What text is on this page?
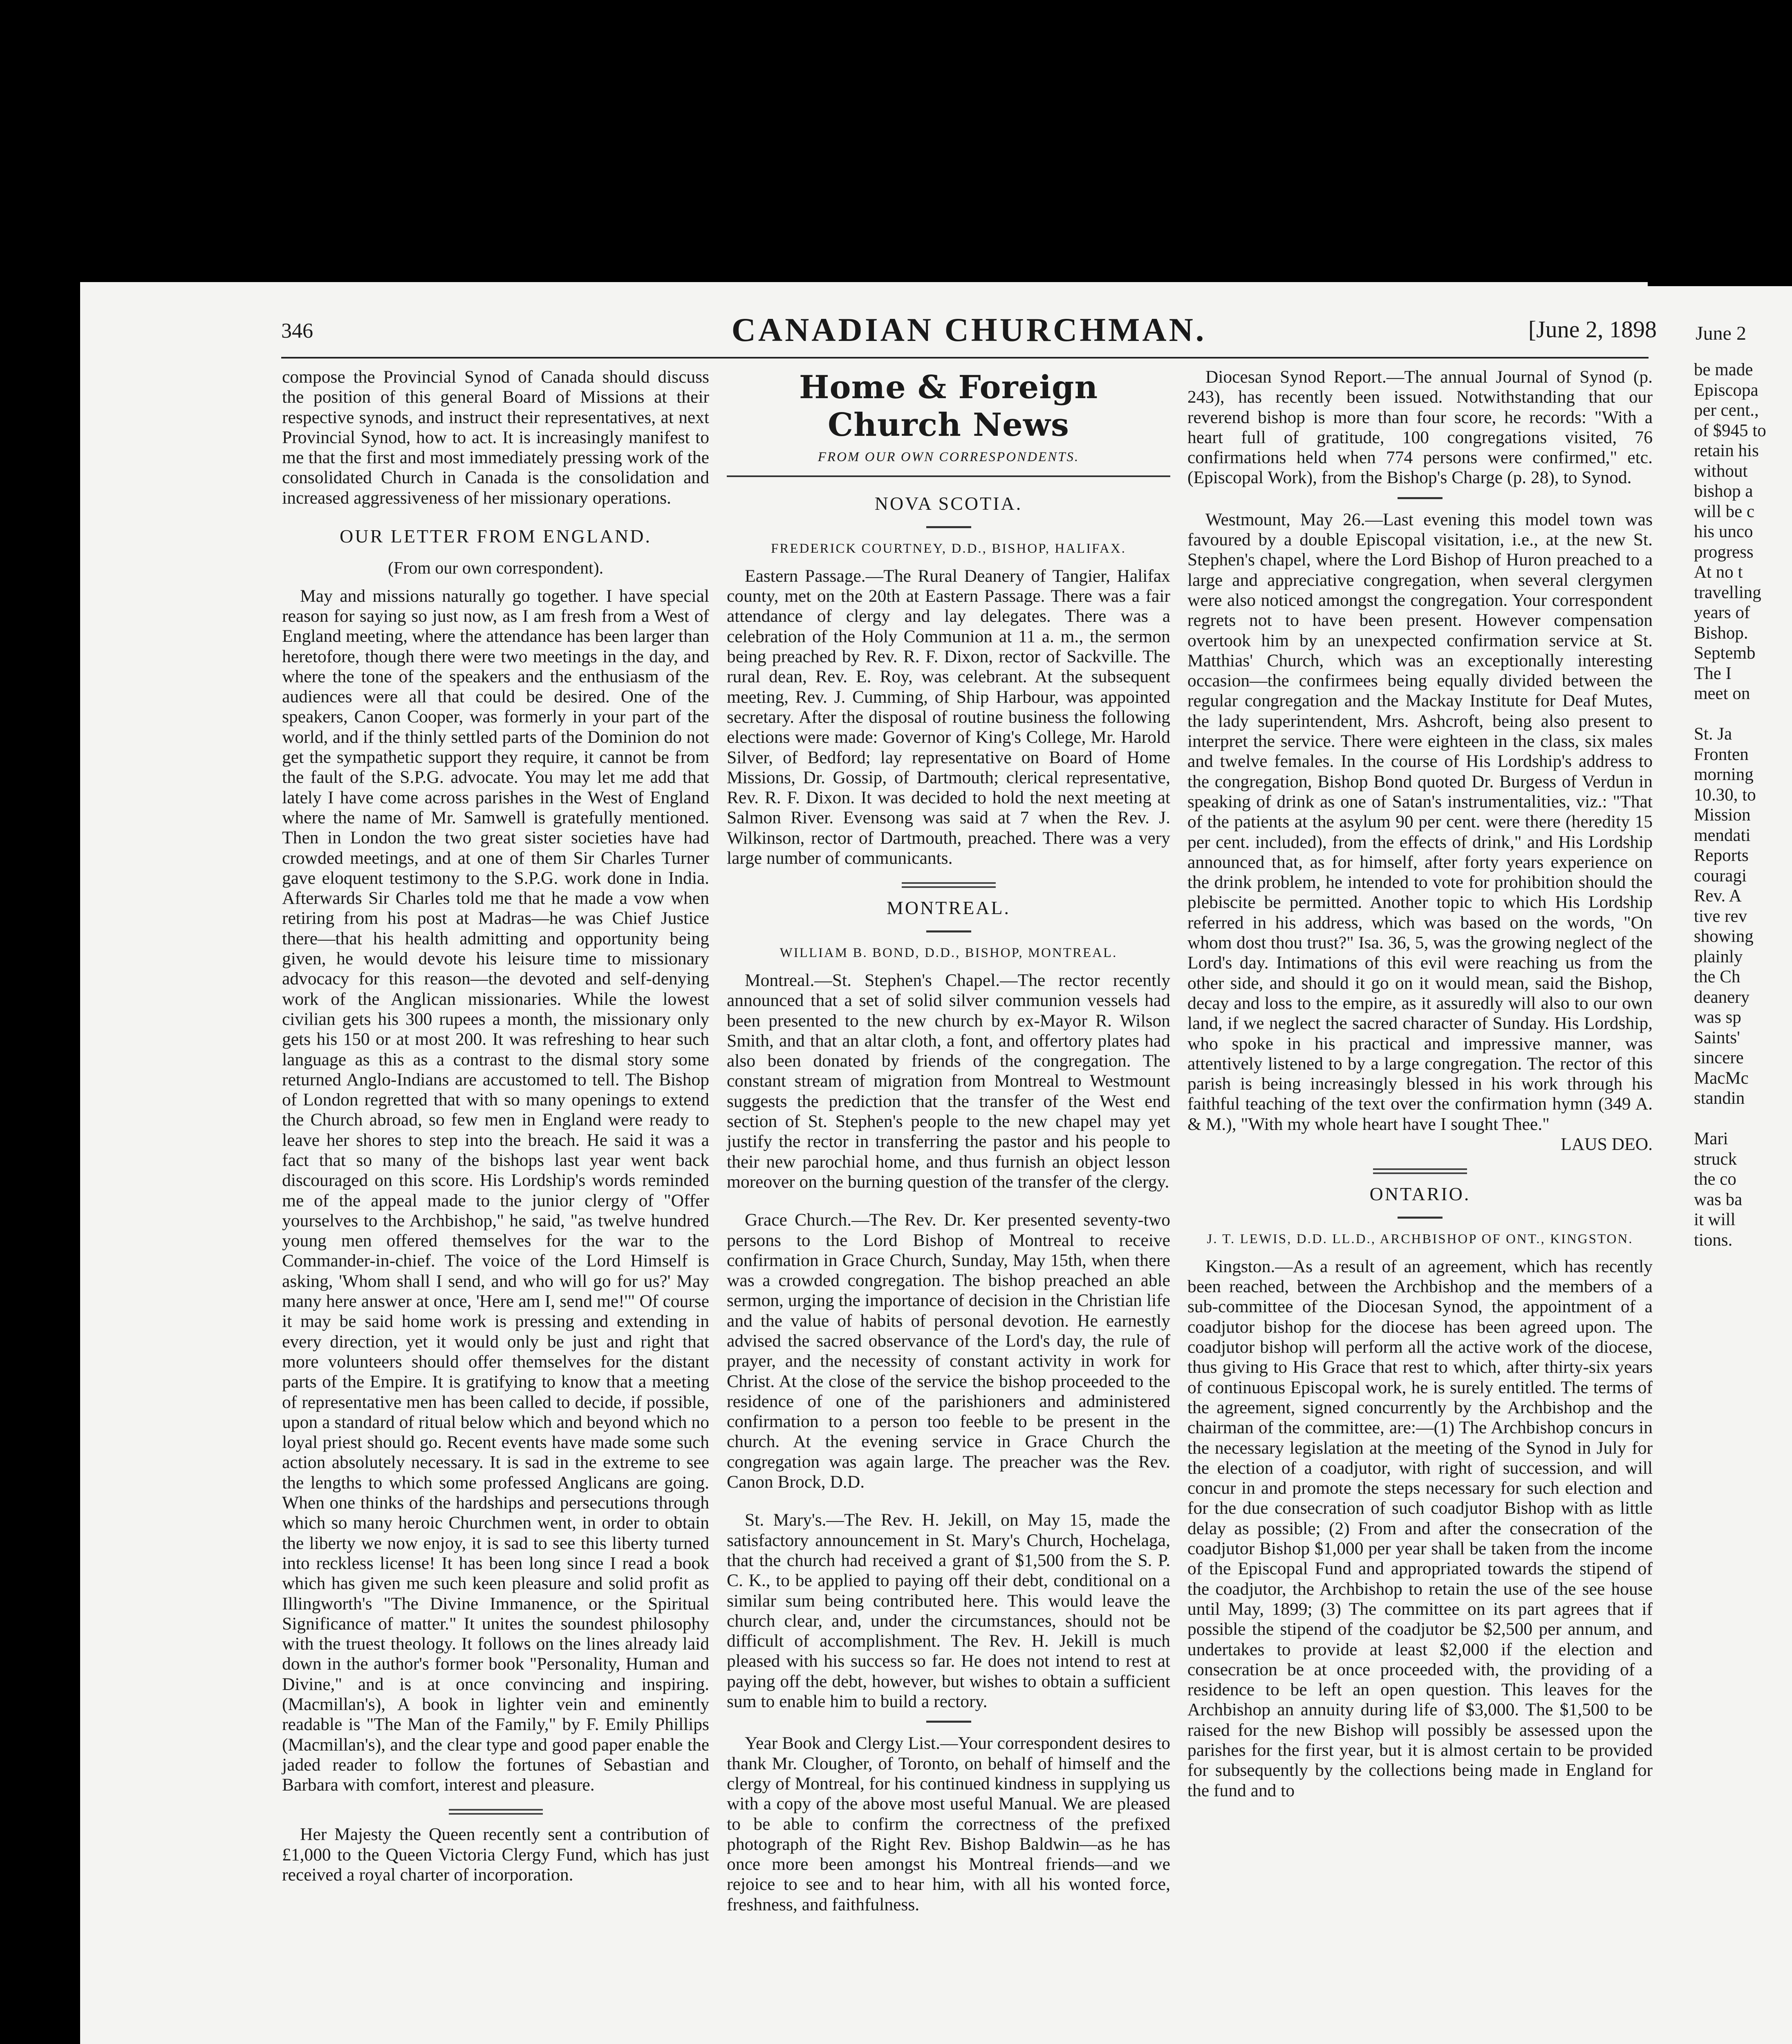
June 2
be made
Episcopa
per cent.,
of $945 to
retain his
without
bishop a
will be c
his unco
progress
At no t
travelling
years of
Bishop.
Septemb
The I
meet on
St. Ja
Fronten
morning
10.30, to
Mission
mendati
Reports
couragi
Rev. A
tive rev
showing
plainly
the Ch
deanery
was sp
Saints'
sincere
MacMc
standin
Mari
struck
the co
was ba
it will
tions.
346	CANADIAN CHURCHMAN.	[June 2, 1898

compose the Provincial Synod of Canada should discuss the position of this general Board of Missions at their respective synods, and instruct their representatives, at next Provincial Synod, how to act. It is increasingly manifest to me that the first and most immediately pressing work of the consolidated Church in Canada is the consolidation and increased aggressiveness of her missionary operations.

OUR LETTER FROM ENGLAND.
(From our own correspondent).

May and missions naturally go together. I have special reason for saying so just now, as I am fresh from a West of England meeting, where the attendance has been larger than heretofore, though there were two meetings in the day, and where the tone of the speakers and the enthusiasm of the audiences were all that could be desired. One of the speakers, Canon Cooper, was formerly in your part of the world, and if the thinly settled parts of the Dominion do not get the sympathetic support they require, it cannot be from the fault of the S.P.G. advocate. You may let me add that lately I have come across parishes in the West of England where the name of Mr. Samwell is gratefully mentioned. Then in London the two great sister societies have had crowded meetings, and at one of them Sir Charles Turner gave eloquent testimony to the S.P.G. work done in India. Afterwards Sir Charles told me that he made a vow when retiring from his post at Madras—he was Chief Justice there—that his health admitting and opportunity being given, he would devote his leisure time to missionary advocacy for this reason—the devoted and self-denying work of the Anglican missionaries. While the lowest civilian gets his 300 rupees a month, the missionary only gets his 150 or at most 200. It was refreshing to hear such language as this as a contrast to the dismal story some returned Anglo-Indians are accustomed to tell. The Bishop of London regretted that with so many openings to extend the Church abroad, so few men in England were ready to leave her shores to step into the breach. He said it was a fact that so many of the bishops last year went back discouraged on this score. His Lordship's words reminded me of the appeal made to the junior clergy of "Offer yourselves to the Archbishop," he said, "as twelve hundred young men offered themselves for the war to the Commander-in-chief. The voice of the Lord Himself is asking, 'Whom shall I send, and who will go for us?' May many here answer at once, 'Here am I, send me!'" Of course it may be said home work is pressing and extending in every direction, yet it would only be just and right that more volunteers should offer themselves for the distant parts of the Empire. It is gratifying to know that a meeting of representative men has been called to decide, if possible, upon a standard of ritual below which and beyond which no loyal priest should go. Recent events have made some such action absolutely necessary. It is sad in the extreme to see the lengths to which some professed Anglicans are going. When one thinks of the hardships and persecutions through which so many heroic Churchmen went, in order to obtain the liberty we now enjoy, it is sad to see this liberty turned into reckless license! It has been long since I read a book which has given me such keen pleasure and solid profit as Illingworth's "The Divine Immanence, or the Spiritual Significance of matter." It unites the soundest philosophy with the truest theology. It follows on the lines already laid down in the author's former book "Personality, Human and Divine," and is at once convincing and inspiring. (Macmillan's), A book in lighter vein and eminently readable is "The Man of the Family," by F. Emily Phillips (Macmillan's), and the clear type and good paper enable the jaded reader to follow the fortunes of Sebastian and Barbara with comfort, interest and pleasure.

Her Majesty the Queen recently sent a contribution of £1,000 to the Queen Victoria Clergy Fund, which has just received a royal charter of incorporation.

Home & Foreign Church News
FROM OUR OWN CORRESPONDENTS.
NOVA SCOTIA.
FREDERICK COURTNEY, D.D., BISHOP, HALIFAX.

Eastern Passage.—The Rural Deanery of Tangier, Halifax county, met on the 20th at Eastern Passage. There was a fair attendance of clergy and lay delegates. There was a celebration of the Holy Communion at 11 a. m., the sermon being preached by Rev. R. F. Dixon, rector of Sackville. The rural dean, Rev. E. Roy, was celebrant. At the subsequent meeting, Rev. J. Cumming, of Ship Harbour, was appointed secretary. After the disposal of routine business the following elections were made: Governor of King's College, Mr. Harold Silver, of Bedford; lay representative on Board of Home Missions, Dr. Gossip, of Dartmouth; clerical representative, Rev. R. F. Dixon. It was decided to hold the next meeting at Salmon River. Evensong was said at 7 when the Rev. J. Wilkinson, rector of Dartmouth, preached. There was a very large number of communicants.

MONTREAL.
WILLIAM B. BOND, D.D., BISHOP, MONTREAL.

Montreal.—St. Stephen's Chapel.—The rector recently announced that a set of solid silver communion vessels had been presented to the new church by ex-Mayor R. Wilson Smith, and that an altar cloth, a font, and offertory plates had also been donated by friends of the congregation. The constant stream of migration from Montreal to Westmount suggests the prediction that the transfer of the West end section of St. Stephen's people to the new chapel may yet justify the rector in transferring the pastor and his people to their new parochial home, and thus furnish an object lesson moreover on the burning question of the transfer of the clergy.

Grace Church.—The Rev. Dr. Ker presented seventy-two persons to the Lord Bishop of Montreal to receive confirmation in Grace Church, Sunday, May 15th, when there was a crowded congregation. The bishop preached an able sermon, urging the importance of decision in the Christian life and the value of habits of personal devotion. He earnestly advised the sacred observance of the Lord's day, the rule of prayer, and the necessity of constant activity in work for Christ. At the close of the service the bishop proceeded to the residence of one of the parishioners and administered confirmation to a person too feeble to be present in the church. At the evening service in Grace Church the congregation was again large. The preacher was the Rev. Canon Brock, D.D.

St. Mary's.—The Rev. H. Jekill, on May 15, made the satisfactory announcement in St. Mary's Church, Hochelaga, that the church had received a grant of $1,500 from the S. P. C. K., to be applied to paying off their debt, conditional on a similar sum being contributed here. This would leave the church clear, and, under the circumstances, should not be difficult of accomplishment. The Rev. H. Jekill is much pleased with his success so far. He does not intend to rest at paying off the debt, however, but wishes to obtain a sufficient sum to enable him to build a rectory.

Year Book and Clergy List.—Your correspondent desires to thank Mr. Clougher, of Toronto, on behalf of himself and the clergy of Montreal, for his continued kindness in supplying us with a copy of the above most useful Manual. We are pleased to be able to confirm the correctness of the prefixed photograph of the Right Rev. Bishop Baldwin—as he has once more been amongst his Montreal friends—and we rejoice to see and to hear him, with all his wonted force, freshness, and faithfulness.

Diocesan Synod Report.—The annual Journal of Synod (p. 243), has recently been issued. Notwithstanding that our reverend bishop is more than four score, he records: "With a heart full of gratitude, 100 congregations visited, 76 confirmations held when 774 persons were confirmed," etc. (Episcopal Work), from the Bishop's Charge (p. 28), to Synod.

Westmount, May 26.—Last evening this model town was favoured by a double Episcopal visitation, i.e., at the new St. Stephen's chapel, where the Lord Bishop of Huron preached to a large and appreciative congregation, when several clergymen were also noticed amongst the congregation. Your correspondent regrets not to have been present. However compensation overtook him by an unexpected confirmation service at St. Matthias' Church, which was an exceptionally interesting occasion—the confirmees being equally divided between the regular congregation and the Mackay Institute for Deaf Mutes, the lady superintendent, Mrs. Ashcroft, being also present to interpret the service. There were eighteen in the class, six males and twelve females. In the course of His Lordship's address to the congregation, Bishop Bond quoted Dr. Burgess of Verdun in speaking of drink as one of Satan's instrumentalities, viz.: "That of the patients at the asylum 90 per cent. were there (heredity 15 per cent. included), from the effects of drink," and His Lordship announced that, as for himself, after forty years experience on the drink problem, he intended to vote for prohibition should the plebiscite be permitted. Another topic to which His Lordship referred in his address, which was based on the words, "On whom dost thou trust?" Isa. 36, 5, was the growing neglect of the Lord's day. Intimations of this evil were reaching us from the other side, and should it go on it would mean, said the Bishop, decay and loss to the empire, as it assuredly will also to our own land, if we neglect the sacred character of Sunday. His Lordship, who spoke in his practical and impressive manner, was attentively listened to by a large congregation. The rector of this parish is being increasingly blessed in his work through his faithful teaching of the text over the confirmation hymn (349 A. & M.), "With my whole heart have I sought Thee."

LAUS DEO.
ONTARIO.
J. T. LEWIS, D.D. LL.D., ARCHBISHOP OF ONT., KINGSTON.

Kingston.—As a result of an agreement, which has recently been reached, between the Archbishop and the members of a sub-committee of the Diocesan Synod, the appointment of a coadjutor bishop for the diocese has been agreed upon. The coadjutor bishop will perform all the active work of the diocese, thus giving to His Grace that rest to which, after thirty-six years of continuous Episcopal work, he is surely entitled. The terms of the agreement, signed concurrently by the Archbishop and the chairman of the committee, are:—(1) The Archbishop concurs in the necessary legislation at the meeting of the Synod in July for the election of a coadjutor, with right of succession, and will concur in and promote the steps necessary for such election and for the due consecration of such coadjutor Bishop with as little delay as possible; (2) From and after the consecration of the coadjutor Bishop $1,000 per year shall be taken from the income of the Episcopal Fund and appropriated towards the stipend of the coadjutor, the Archbishop to retain the use of the see house until May, 1899; (3) The committee on its part agrees that if possible the stipend of the coadjutor be $2,500 per annum, and undertakes to provide at least $2,000 if the election and consecration be at once proceeded with, the providing of a residence to be left an open question. This leaves for the Archbishop an annuity during life of $3,000. The $1,500 to be raised for the new Bishop will possibly be assessed upon the parishes for the first year, but it is almost certain to be provided for subsequently by the collections being made in England for the fund and to
